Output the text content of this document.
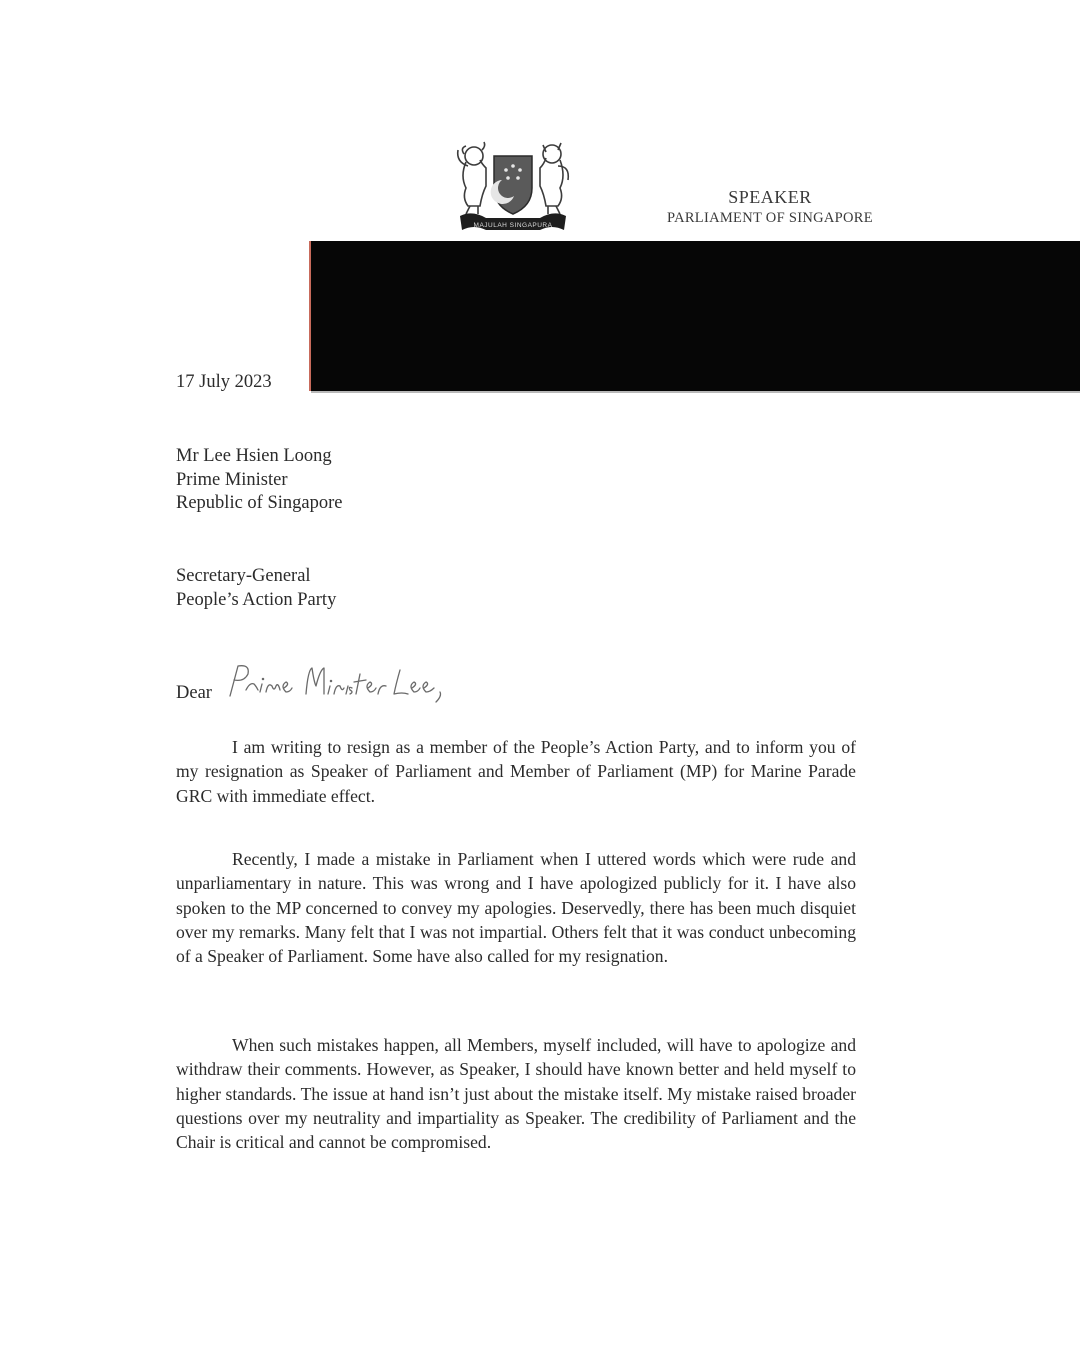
MAJULAH SINGAPURA
SPEAKER
PARLIAMENT OF SINGAPORE
17 July 2023
Mr Lee Hsien Loong
Prime Minister
Republic of Singapore
Secretary-General
People’s Action Party
Dear

I am writing to resign as a member of the People’s Action Party, and to inform you of my resignation as Speaker of Parliament and Member of Parliament (MP) for Marine Parade GRC with immediate effect.

Recently, I made a mistake in Parliament when I uttered words which were rude and unparliamentary in nature. This was wrong and I have apologized publicly for it. I have also spoken to the MP concerned to convey my apologies. Deservedly, there has been much disquiet over my remarks. Many felt that I was not impartial. Others felt that it was conduct unbecoming of a Speaker of Parliament. Some have also called for my resignation.

When such mistakes happen, all Members, myself included, will have to apologize and withdraw their comments. However, as Speaker, I should have known better and held myself to higher standards. The issue at hand isn’t just about the mistake itself. My mistake raised broader questions over my neutrality and impartiality as Speaker. The credibility of Parliament and the Chair is critical and cannot be compromised.
